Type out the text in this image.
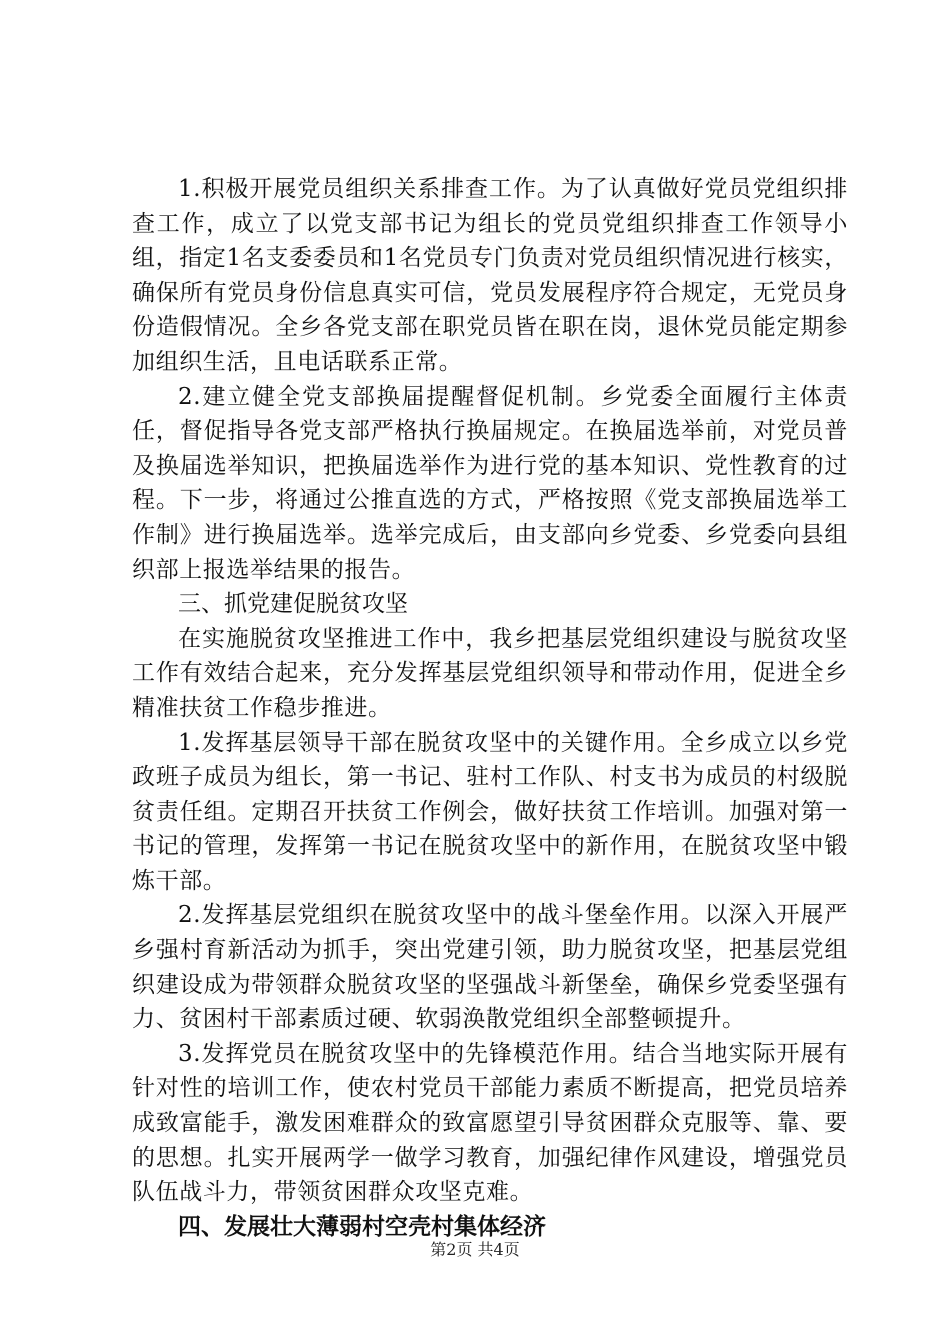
1.积极开展党员组织关系排查工作。为了认真做好党员党组织排查工作，成立了以党支部书记为组长的党员党组织排查工作领导小组，指定1名支委委员和1名党员专门负责对党员组织情况进行核实，确保所有党员身份信息真实可信，党员发展程序符合规定，无党员身份造假情况。全乡各党支部在职党员皆在职在岗，退休党员能定期参加组织生活，且电话联系正常。

2.建立健全党支部换届提醒督促机制。乡党委全面履行主体责任，督促指导各党支部严格执行换届规定。在换届选举前，对党员普及换届选举知识，把换届选举作为进行党的基本知识、党性教育的过程。下一步，将通过公推直选的方式，严格按照《党支部换届选举工作制》进行换届选举。选举完成后，由支部向乡党委、乡党委向县组织部上报选举结果的报告。

三、抓党建促脱贫攻坚

在实施脱贫攻坚推进工作中，我乡把基层党组织建设与脱贫攻坚工作有效结合起来，充分发挥基层党组织领导和带动作用，促进全乡精准扶贫工作稳步推进。

1.发挥基层领导干部在脱贫攻坚中的关键作用。全乡成立以乡党政班子成员为组长，第一书记、驻村工作队、村支书为成员的村级脱贫责任组。定期召开扶贫工作例会，做好扶贫工作培训。加强对第一书记的管理，发挥第一书记在脱贫攻坚中的新作用，在脱贫攻坚中锻炼干部。

2.发挥基层党组织在脱贫攻坚中的战斗堡垒作用。以深入开展严乡强村育新活动为抓手，突出党建引领，助力脱贫攻坚，把基层党组织建设成为带领群众脱贫攻坚的坚强战斗新堡垒，确保乡党委坚强有力、贫困村干部素质过硬、软弱涣散党组织全部整顿提升。

3.发挥党员在脱贫攻坚中的先锋模范作用。结合当地实际开展有针对性的培训工作，使农村党员干部能力素质不断提高，把党员培养成致富能手，激发困难群众的致富愿望引导贫困群众克服等、靠、要的思想。扎实开展两学一做学习教育，加强纪律作风建设，增强党员队伍战斗力，带领贫困群众攻坚克难。

四、发展壮大薄弱村空壳村集体经济

第2页 共4页
